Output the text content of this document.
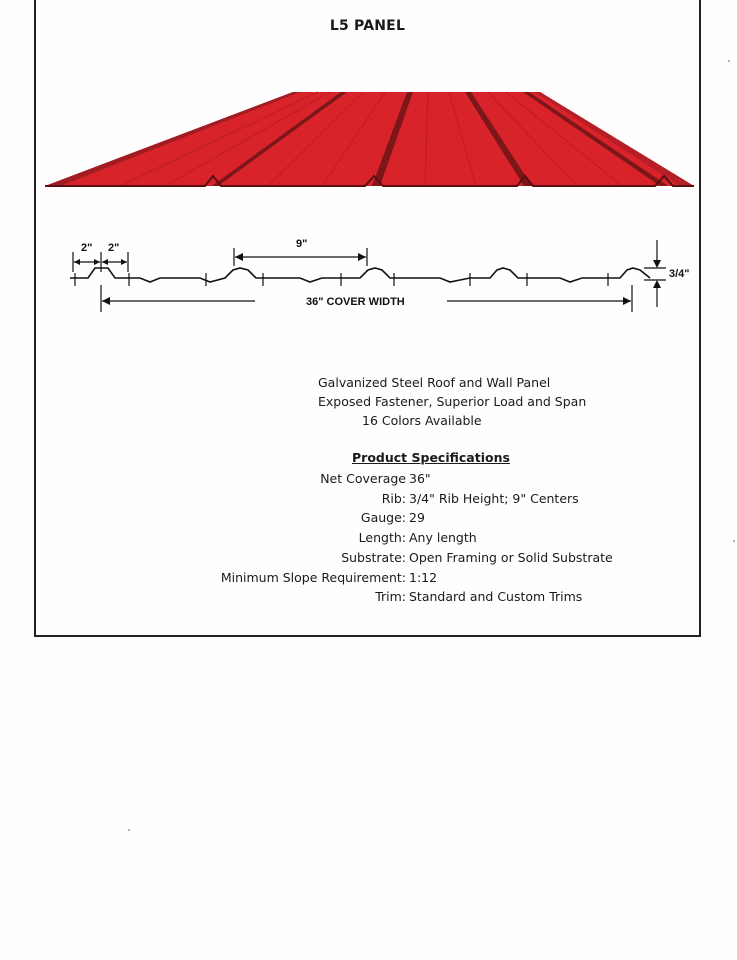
L5 PANEL
2" 2"	9"
36" COVER WIDTH
3/4"
Galvanized Steel Roof and Wall Panel
Exposed Fastener, Superior Load and Span
16 Colors Available
Product Specifications
Net Coverage	36"
Rib:	3/4" Rib Height; 9" Centers
Gauge:	29
Length:	Any length
Substrate:	Open Framing or Solid Substrate
Minimum Slope Requirement:	1:12
Trim:	Standard and Custom Trims
